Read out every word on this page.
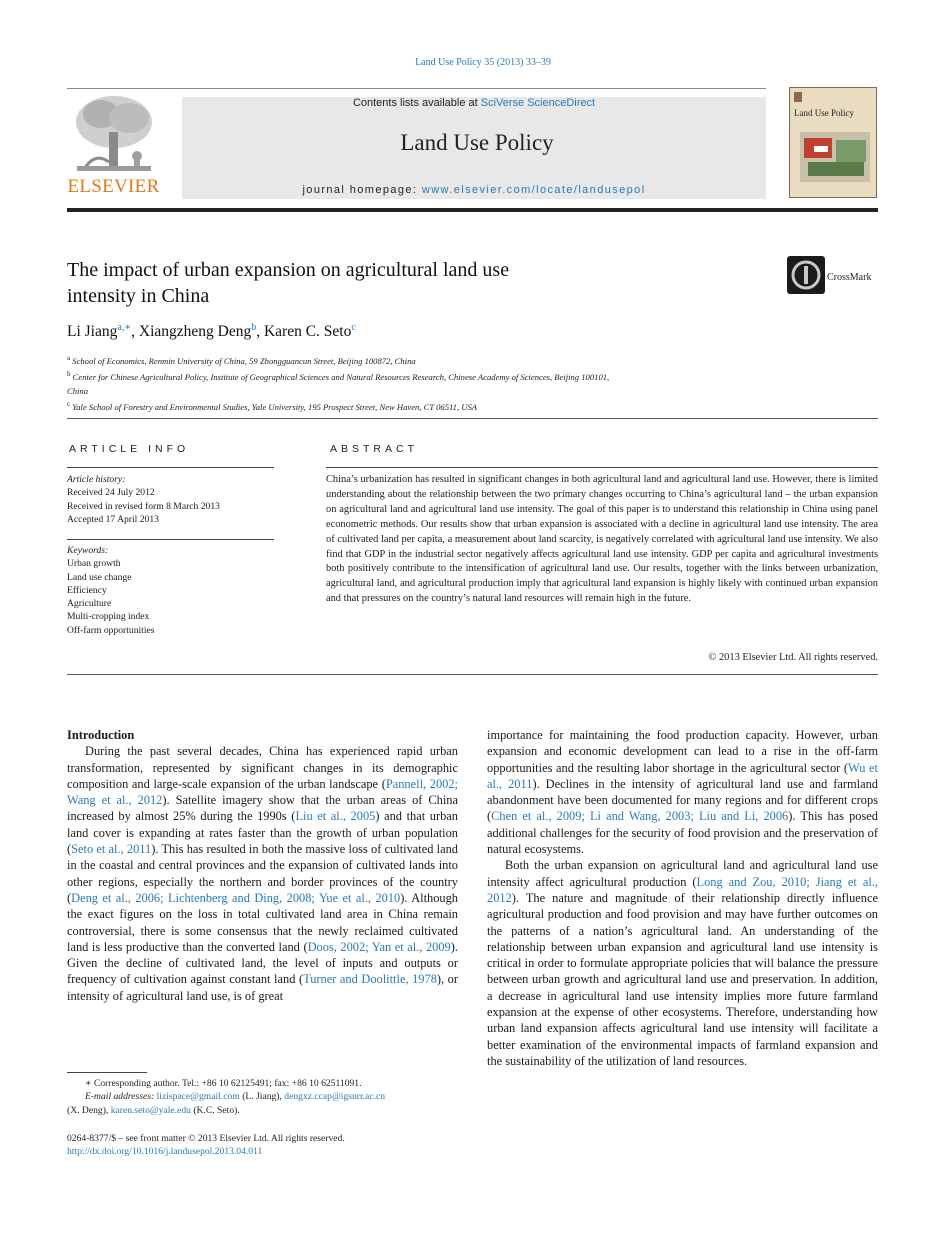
Land Use Policy 35 (2013) 33–39
ELSEVIER
Contents lists available at SciVerse ScienceDirect
Land Use Policy
journal homepage: www.elsevier.com/locate/landusepol
Land Use Policy
The impact of urban expansion on agricultural land use
intensity in China
CrossMark
Li Jiang$^{a,∗}$, Xiangzheng Deng$^b$, Karen C. Seto$^c$
$^a$ School of Economics, Renmin University of China, 59 Zhongguancun Street, Beijing 100872, China
$^b$ Center for Chinese Agricultural Policy, Institute of Geographical Sciences and Natural Resources Research, Chinese Academy of Sciences, Beijing 100101,
China
$^c$ Yale School of Forestry and Environmental Studies, Yale University, 195 Prospect Street, New Haven, CT 06511, USA
ARTICLE INFO
Article history:
Received 24 July 2012
Received in revised form 8 March 2013
Accepted 17 April 2013
Keywords:
Urban growth
Land use change
Efficiency
Agriculture
Multi-cropping index
Off-farm opportunities
ABSTRACT
China’s urbanization has resulted in significant changes in both agricultural land and agricultural land use. However, there is limited understanding about the relationship between the two primary changes occurring to China’s agricultural land – the urban expansion on agricultural land and agricultural land use intensity. The goal of this paper is to understand this relationship in China using panel econometric methods. Our results show that urban expansion is associated with a decline in agricultural land use intensity. The area of cultivated land per capita, a measurement about land scarcity, is negatively correlated with agricultural land use intensity. We also find that GDP in the industrial sector negatively affects agricultural land use intensity. GDP per capita and agricultural investments both positively contribute to the intensification of agricultural land use. Our results, together with the links between urbanization, agricultural land, and agricultural production imply that agricultural land expansion is highly likely with continued urban expansion and that pressures on the country’s natural land resources will remain high in the future.
© 2013 Elsevier Ltd. All rights reserved.
Introduction

During the past several decades, China has experienced rapid urban transformation, represented by significant changes in its demographic composition and large-scale expansion of the urban landscape (Pannell, 2002; Wang et al., 2012). Satellite imagery show that the urban areas of China increased by almost 25% during the 1990s (Liu et al., 2005) and that urban land cover is expanding at rates faster than the growth of urban population (Seto et al., 2011). This has resulted in both the massive loss of cultivated land in the coastal and central provinces and the expansion of cultivated lands into other regions, especially the northern and border provinces of the country (Deng et al., 2006; Lichtenberg and Ding, 2008; Yue et al., 2010). Although the exact figures on the loss in total cultivated land area in China remain controversial, there is some consensus that the newly reclaimed cultivated land is less productive than the converted land (Doos, 2002; Yan et al., 2009). Given the decline of cultivated land, the level of inputs and outputs or frequency of cultivation against constant land (Turner and Doolittle, 1978), or intensity of agricultural land use, is of great

importance for maintaining the food production capacity. However, urban expansion and economic development can lead to a rise in the off-farm opportunities and the resulting labor shortage in the agricultural sector (Wu et al., 2011). Declines in the intensity of agricultural land use and farmland abandonment have been documented for many regions and for different crops (Chen et al., 2009; Li and Wang, 2003; Liu and Li, 2006). This has posed additional challenges for the security of food provision and the preservation of natural ecosystems.

Both the urban expansion on agricultural land and agricultural land use intensity affect agricultural production (Long and Zou, 2010; Jiang et al., 2012). The nature and magnitude of their relationship directly influence agricultural production and food provision and may have further outcomes on the patterns of a nation’s agricultural land. An understanding of the relationship between urban expansion and agricultural land use intensity is critical in order to formulate appropriate policies that will balance the pressure between urban growth and agricultural land use and preservation. In addition, a decrease in agricultural land use intensity implies more future farmland expansion at the expense of other ecosystems. Therefore, understanding how urban land expansion affects agricultural land use intensity will facilitate a better examination of the environmental impacts of farmland expansion and the sustainability of the utilization of land resources.

∗ Corresponding author. Tel.: +86 10 62125491; fax: +86 10 62511091.
E-mail addresses: lizispace@gmail.com (L. Jiang), dengxz.ccap@igsnrr.ac.cn
(X. Deng), karen.seto@yale.edu (K.C. Seto).
0264-8377/$ – see front matter © 2013 Elsevier Ltd. All rights reserved.
http://dx.doi.org/10.1016/j.landusepol.2013.04.011
